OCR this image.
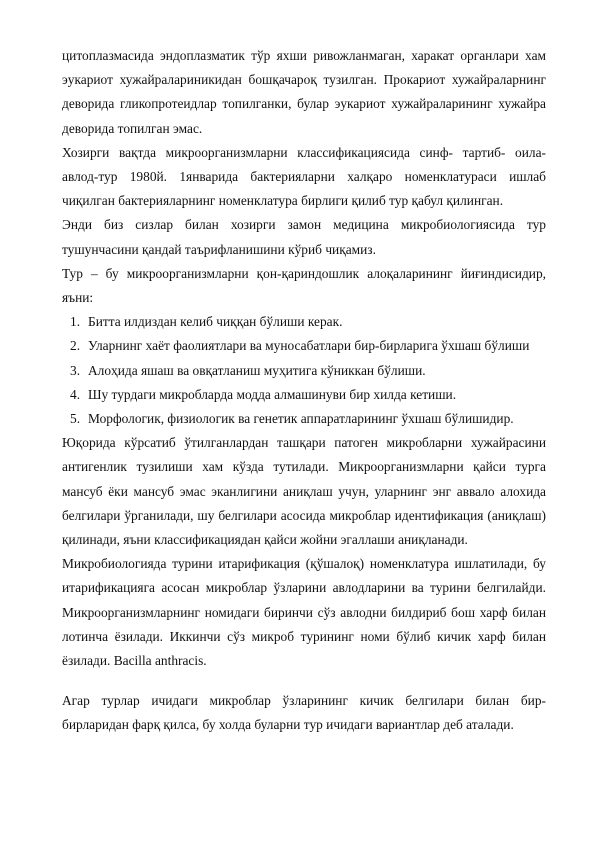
цитоплазмасида эндоплазматик тўр яхши ривожланмаган, харакат органлари хам эукариот хужайралариникидан бошқачароқ тузилган. Прокариот хужайраларнинг деворида гликопротеидлар топилганки, булар эукариот хужайраларининг хужайра деворида топилган эмас.

Хозирги вақтда микроорганизмларни классификациясида синф- тартиб- оила- авлод-тур 1980й. 1январида бактерияларни халқаро номенклатураси ишлаб чиқилган бактерияларнинг номенклатура бирлиги қилиб тур қабул қилинган.

Энди биз сизлар билан хозирги замон медицина микробиологиясида тур тушунчасини қандай таърифланишини кўриб чиқамиз.

Тур – бу микроорганизмларни қон-қариндошлик алоқаларининг йиғиндисидир, яъни:

1. Битта илдиздан келиб чиққан бўлиши керак.
2. Уларнинг хаёт фаолиятлари ва муносабатлари бир-бирларига ўхшаш бўлиши
3. Алоҳида яшаш ва овқатланиш муҳитига кўниккан бўлиши.
4. Шу турдаги микробларда модда алмашинуви бир хилда кетиши.
5. Морфологик, физиологик ва генетик аппаратларининг ўхшаш бўлишидир.

Юқорида кўрсатиб ўтилганлардан ташқари патоген микробларни хужайрасини антигенлик тузилиши хам кўзда тутилади. Микроорганизмларни қайси турга мансуб ёки мансуб эмас эканлигини аниқлаш учун, уларнинг энг аввало алохида белгилари ўрганилади, шу белгилари асосида микроблар идентификация (аниқлаш) қилинади, яъни классификациядан қайси жойни эгаллаши аниқланади.

Микробиологияда турини итарификация (қўшалоқ) номенклатура ишлатилади, бу итарификацияга асосан микроблар ўзларини авлодларини ва турини белгилайди. Микроорганизмларнинг номидаги биринчи сўз авлодни билдириб бош харф билан лотинча ёзилади. Иккинчи сўз микроб турининг номи бўлиб кичик харф билан ёзилади. Bacilla anthracis.

Агар турлар ичидаги микроблар ўзларининг кичик белгилари билан бир-бирларидан фарқ қилса, бу холда буларни тур ичидаги вариантлар деб аталади.
